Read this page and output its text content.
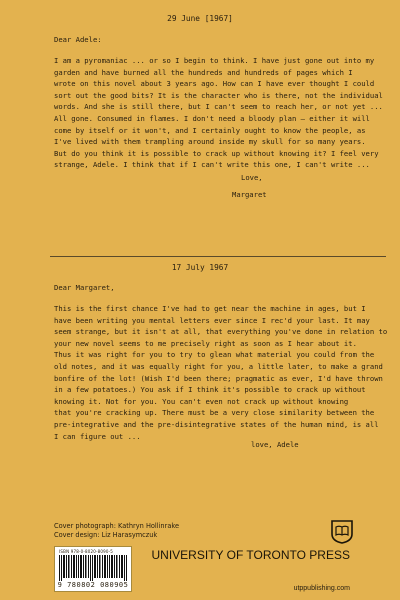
29 June [1967]
Dear Adele:
I am a pyromaniac ... or so I begin to think. I have just gone out into my
garden and have burned all the hundreds and hundreds of pages which I
wrote on this novel about 3 years ago. How can I have ever thought I could
sort out the good bits? It is the character who is there, not the individual
words. And she is still there, but I can't seem to reach her, or not yet ...
All gone. Consumed in flames. I don't need a bloody plan – either it will
come by itself or it won't, and I certainly ought to know the people, as
I've lived with them trampling around inside my skull for so many years.
But do you think it is possible to crack up without knowing it? I feel very
strange, Adele. I think that if I can't write this one, I can't write ...
Love,
Margaret
17 July 1967
Dear Margaret,
This is the first chance I've had to get near the machine in ages, but I
have been writing you mental letters ever since I rec'd your last. It may
seem strange, but it isn't at all, that everything you've done in relation to
your new novel seems to me precisely right as soon as I hear about it.
Thus it was right for you to try to glean what material you could from the
old notes, and it was equally right for you, a little later, to make a grand
bonfire of the lot! (Wish I'd been there; pragmatic as ever, I'd have thrown
in a few potatoes.) You ask if I think it's possible to crack up without
knowing it. Not for you. You can't even not crack up without knowing
that you're cracking up. There must be a very close similarity between the
pre-integrative and the pre-disintegrative states of the human mind, is all
I can figure out ...
love, Adele
Cover photograph: Kathryn Hollinrake
Cover design: Liz Harasymczuk
ISBN 978-0-8020-8090-5
9 780802 080905
UNIVERSITY OF TORONTO PRESS
utppublishing.com
